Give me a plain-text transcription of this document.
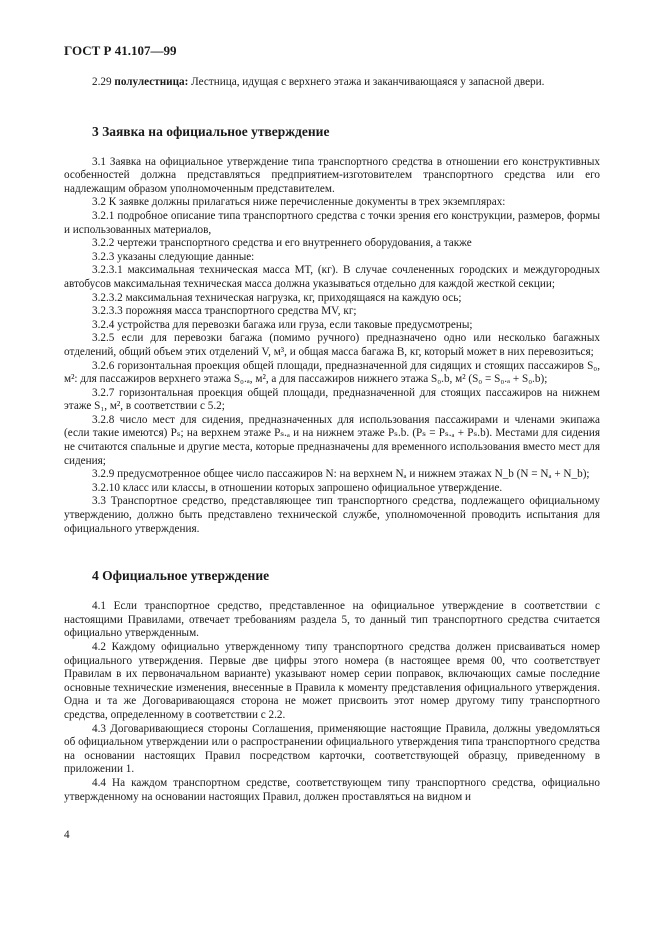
ГОСТ Р 41.107—99

2.29 полулестница: Лестница, идущая с верхнего этажа и заканчивающаяся у запасной двери.

3 Заявка на официальное утверждение

3.1 Заявка на официальное утверждение типа транспортного средства в отношении его конструктивных особенностей должна представляться предприятием-изготовителем транспортного средства или его надлежащим образом уполномоченным представителем.

3.2 К заявке должны прилагаться ниже перечисленные документы в трех экземплярах:

3.2.1 подробное описание типа транспортного средства с точки зрения его конструкции, размеров, формы и использованных материалов,

3.2.2 чертежи транспортного средства и его внутреннего оборудования, а также

3.2.3 указаны следующие данные:

3.2.3.1 максимальная техническая масса МТ, (кг). В случае сочлененных городских и междугородных автобусов максимальная техническая масса должна указываться отдельно для каждой жесткой секции;

3.2.3.2 максимальная техническая нагрузка, кг, приходящаяся на каждую ось;

3.2.3.3 порожняя масса транспортного средства MV, кг;

3.2.4 устройства для перевозки багажа или груза, если таковые предусмотрены;

3.2.5 если для перевозки багажа (помимо ручного) предназначено одно или несколько багажных отделений, общий объем этих отделений V, м³, и общая масса багажа B, кг, который может в них перевозиться;

3.2.6 горизонтальная проекция общей площади, предназначенной для сидящих и стоящих пассажиров S₀, м²: для пассажиров верхнего этажа S₀.ₐ, м², а для пассажиров нижнего этажа S₀.b, м² (S₀ = S₀.ₐ + S₀.b);

3.2.7 горизонтальная проекция общей площади, предназначенной для стоящих пассажиров на нижнем этаже S₁, м², в соответствии с 5.2;

3.2.8 число мест для сидения, предназначенных для использования пассажирами и членами экипажа (если такие имеются) Pₛ; на верхнем этаже Pₛ.ₐ и на нижнем этаже Pₛ.b. (Pₛ = Pₛ.ₐ + Pₛ.b). Местами для сидения не считаются спальные и другие места, которые предназначены для временного использования вместо мест для сидения;

3.2.9 предусмотренное общее число пассажиров N: на верхнем Nₐ и нижнем этажах N_b (N = Nₐ + N_b);

3.2.10 класс или классы, в отношении которых запрошено официальное утверждение.

3.3 Транспортное средство, представляющее тип транспортного средства, подлежащего официальному утверждению, должно быть представлено технической службе, уполномоченной проводить испытания для официального утверждения.

4 Официальное утверждение

4.1 Если транспортное средство, представленное на официальное утверждение в соответствии с настоящими Правилами, отвечает требованиям раздела 5, то данный тип транспортного средства считается официально утвержденным.

4.2 Каждому официально утвержденному типу транспортного средства должен присваиваться номер официального утверждения. Первые две цифры этого номера (в настоящее время 00, что соответствует Правилам в их первоначальном варианте) указывают номер серии поправок, включающих самые последние основные технические изменения, внесенные в Правила к моменту представления официального утверждения. Одна и та же Договаривающаяся сторона не может присвоить этот номер другому типу транспортного средства, определенному в соответствии с 2.2.

4.3 Договаривающиеся стороны Соглашения, применяющие настоящие Правила, должны уведомляться об официальном утверждении или о распространении официального утверждения типа транспортного средства на основании настоящих Правил посредством карточки, соответствующей образцу, приведенному в приложении 1.

4.4 На каждом транспортном средстве, соответствующем типу транспортного средства, официально утвержденному на основании настоящих Правил, должен проставляться на видном и

4
